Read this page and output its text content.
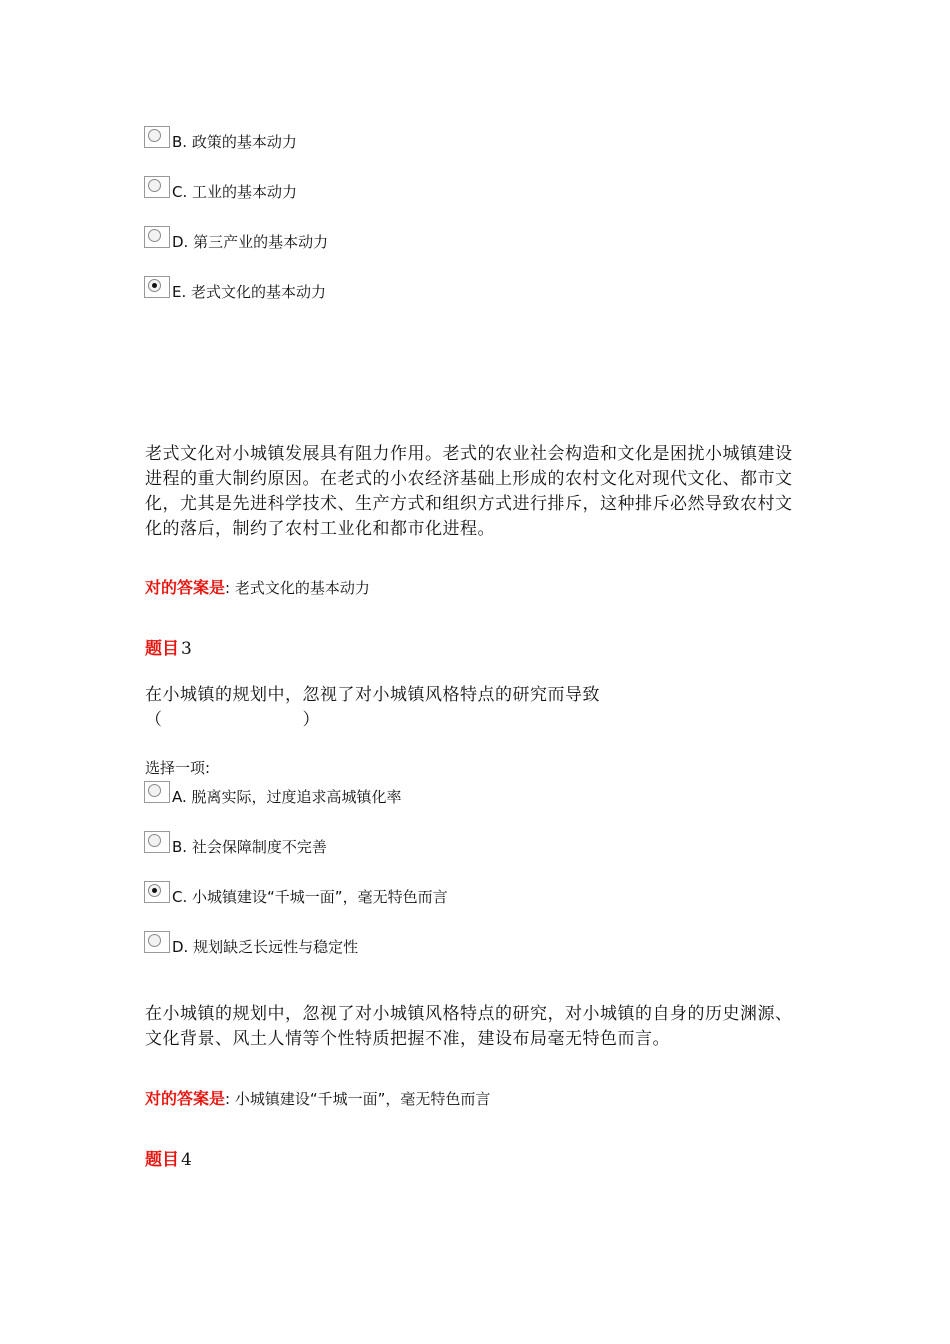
B. 政策的基本动力
C. 工业的基本动力
D. 第三产业的基本动力
E. 老式文化的基本动力

老式文化对小城镇发展具有阻力作用。老式的农业社会构造和文化是困扰小城镇建设进程的重大制约原因。在老式的小农经济基础上形成的农村文化对现代文化、都市文化，尤其是先进科学技术、生产方式和组织方式进行排斥，这种排斥必然导致农村文化的落后，制约了农村工业化和都市化进程。

对的答案是: 老式文化的基本动力
题目 3

在小城镇的规划中，忽视了对小城镇风格特点的研究而导致（　　　　　　　　）

选择一项:
A. 脱离实际，过度追求高城镇化率
B. 社会保障制度不完善
C. 小城镇建设“千城一面”，毫无特色而言
D. 规划缺乏长远性与稳定性

在小城镇的规划中，忽视了对小城镇风格特点的研究，对小城镇的自身的历史渊源、文化背景、风土人情等个性特质把握不准，建设布局毫无特色而言。

对的答案是: 小城镇建设“千城一面”，毫无特色而言
题目 4
